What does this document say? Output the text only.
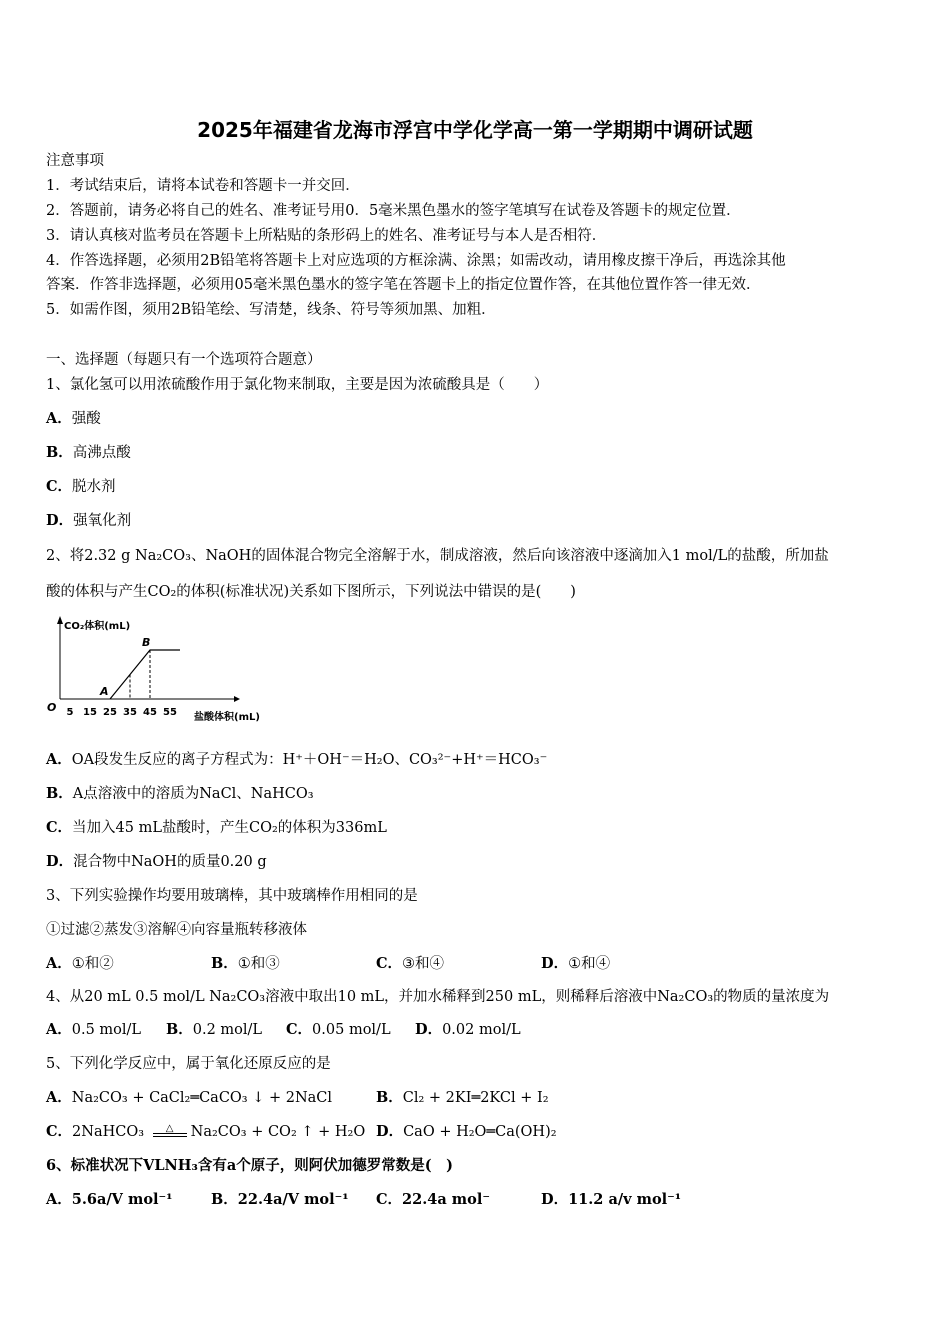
2025年福建省龙海市浮宫中学化学高一第一学期期中调研试题
注意事项
1．考试结束后，请将本试卷和答题卡一并交回．
2．答题前，请务必将自己的姓名、准考证号用0．5毫米黑色墨水的签字笔填写在试卷及答题卡的规定位置．
3．请认真核对监考员在答题卡上所粘贴的条形码上的姓名、准考证号与本人是否相符．
4．作答选择题，必须用2B铅笔将答题卡上对应选项的方框涂满、涂黑；如需改动，请用橡皮擦干净后，再选涂其他
答案．作答非选择题，必须用05毫米黑色墨水的签字笔在答题卡上的指定位置作答，在其他位置作答一律无效．
5．如需作图，须用2B铅笔绘、写清楚，线条、符号等须加黑、加粗．
一、选择题（每题只有一个选项符合题意）
1、氯化氢可以用浓硫酸作用于氯化物来制取，主要是因为浓硫酸具是（　　）
A．强酸
B．高沸点酸
C．脱水剂
D．强氧化剂
2、将2.32 g Na₂CO₃、NaOH的固体混合物完全溶解于水，制成溶液，然后向该溶液中逐滴加入1 mol/L的盐酸，所加盐
酸的体积与产生CO₂的体积(标准状况)关系如下图所示，下列说法中错误的是(　　)
CO₂体积(mL)
盐酸体积(mL)
O 5 15 25 35 45 55
A
B
A．OA段发生反应的离子方程式为：H⁺＋OH⁻＝H₂O、CO₃²⁻+H⁺＝HCO₃⁻
B．A点溶液中的溶质为NaCl、NaHCO₃
C．当加入45 mL盐酸时，产生CO₂的体积为336mL
D．混合物中NaOH的质量0.20 g
3、下列实验操作均要用玻璃棒，其中玻璃棒作用相同的是
①过滤②蒸发③溶解④向容量瓶转移液体
A．①和②	B．①和③	C．③和④	D．①和④
4、从20 mL 0.5 mol/L Na₂CO₃溶液中取出10 mL，并加水稀释到250 mL，则稀释后溶液中Na₂CO₃的物质的量浓度为
A．0.5 mol/L B．0.2 mol/L C．0.05 mol/L D．0.02 mol/L
5、下列化学反应中，属于氧化还原反应的是
A．Na₂CO₃ + CaCl₂═CaCO₃ ↓ + 2NaCl	B．Cl₂ + 2KI═2KCl + I₂
C．2NaHCO₃	△	Na₂CO₃ + CO₂ ↑ + H₂O D．CaO + H₂O═Ca(OH)₂
6、标准状况下VLNH₃含有a个原子，则阿伏加德罗常数是(　)
A．5.6a/V mol⁻¹	B．22.4a/V mol⁻¹ C．22.4a mol⁻	D．11.2 a/v mol⁻¹
